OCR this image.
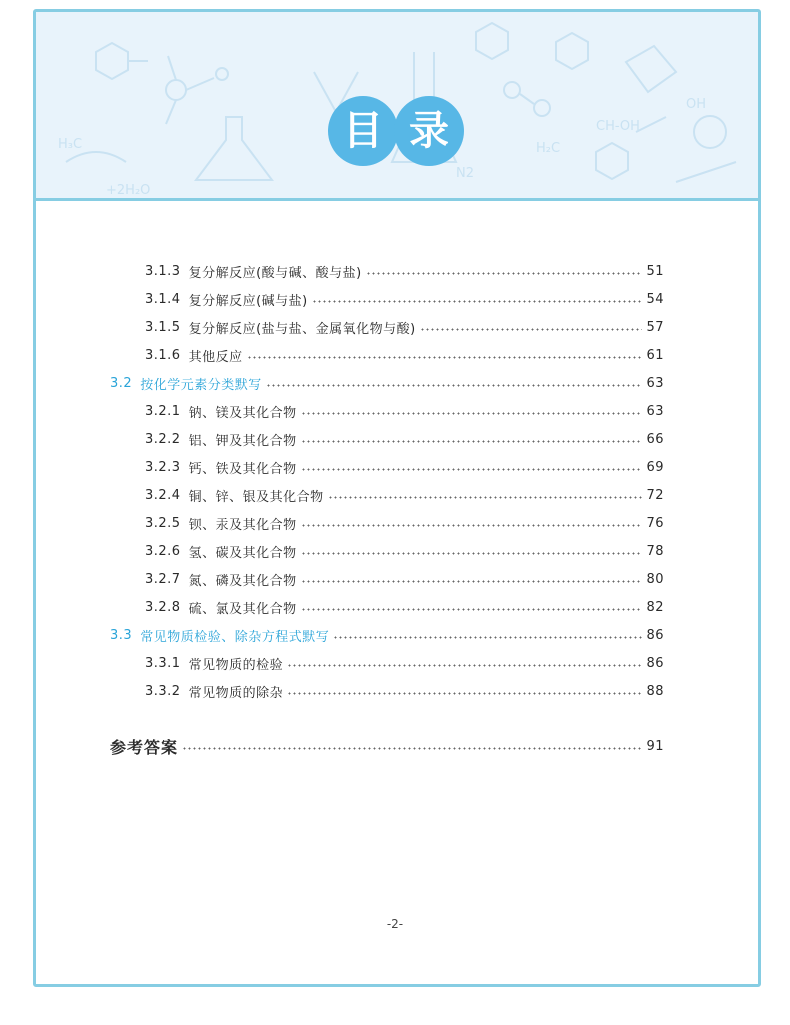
H₃C
+2H₂O
CH-OH
H₂C
OH
N2
目 录
3.1.3 复分解反应(酸与碱、酸与盐)	51
3.1.4 复分解反应(碱与盐)	54
3.1.5 复分解反应(盐与盐、金属氧化物与酸)	57
3.1.6 其他反应	61
3.2 按化学元素分类默写	63
3.2.1 钠、镁及其化合物	63
3.2.2 铝、钾及其化合物	66
3.2.3 钙、铁及其化合物	69
3.2.4 铜、锌、银及其化合物	72
3.2.5 钡、汞及其化合物	76
3.2.6 氢、碳及其化合物	78
3.2.7 氮、磷及其化合物	80
3.2.8 硫、氯及其化合物	82
3.3 常见物质检验、除杂方程式默写	86
3.3.1 常见物质的检验	86
3.3.2 常见物质的除杂	88
参考答案	91
-2-
